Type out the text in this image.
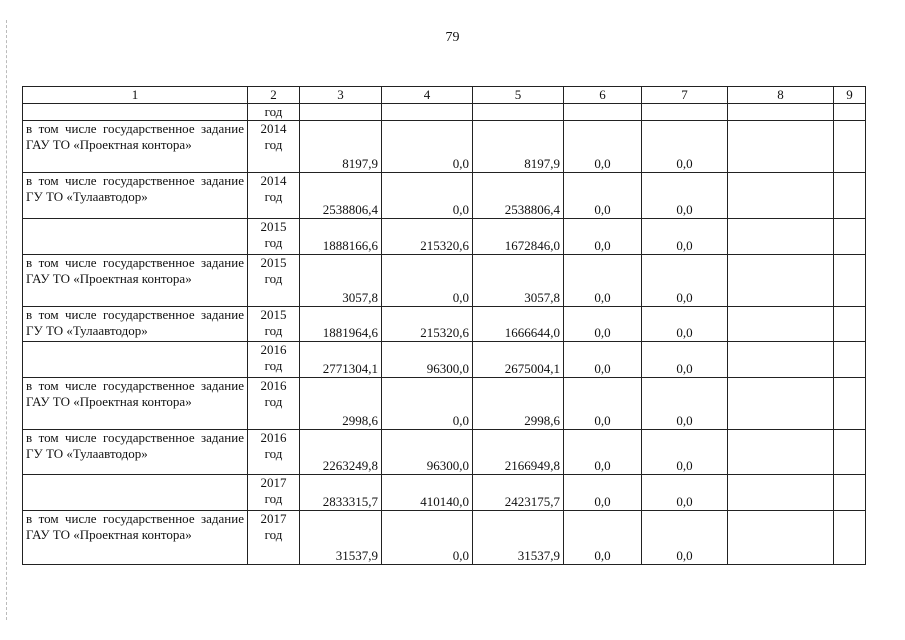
79
1	2	3	4	5	6	7	8	9
	год							
в том числе государственное задание ГАУ ТО «Проектная контора»	2014 год	8197,9	0,0	8197,9	0,0	0,0		
в том числе государственное задание ГУ ТО «Тулаавтодор»	2014 год	2538806,4	0,0	2538806,4	0,0	0,0		
	2015 год	1888166,6	215320,6	1672846,0	0,0	0,0		
в том числе государственное задание ГАУ ТО «Проектная контора»	2015 год	3057,8	0,0	3057,8	0,0	0,0		
в том числе государственное задание ГУ ТО «Тулаавтодор»	2015 год	1881964,6	215320,6	1666644,0	0,0	0,0		
	2016 год	2771304,1	96300,0	2675004,1	0,0	0,0		
в том числе государственное задание ГАУ ТО «Проектная контора»	2016 год	2998,6	0,0	2998,6	0,0	0,0		
в том числе государственное задание ГУ ТО «Тулаавтодор»	2016 год	2263249,8	96300,0	2166949,8	0,0	0,0		
	2017 год	2833315,7	410140,0	2423175,7	0,0	0,0		
в том числе государственное задание ГАУ ТО «Проектная контора»	2017 год	31537,9	0,0	31537,9	0,0	0,0		
